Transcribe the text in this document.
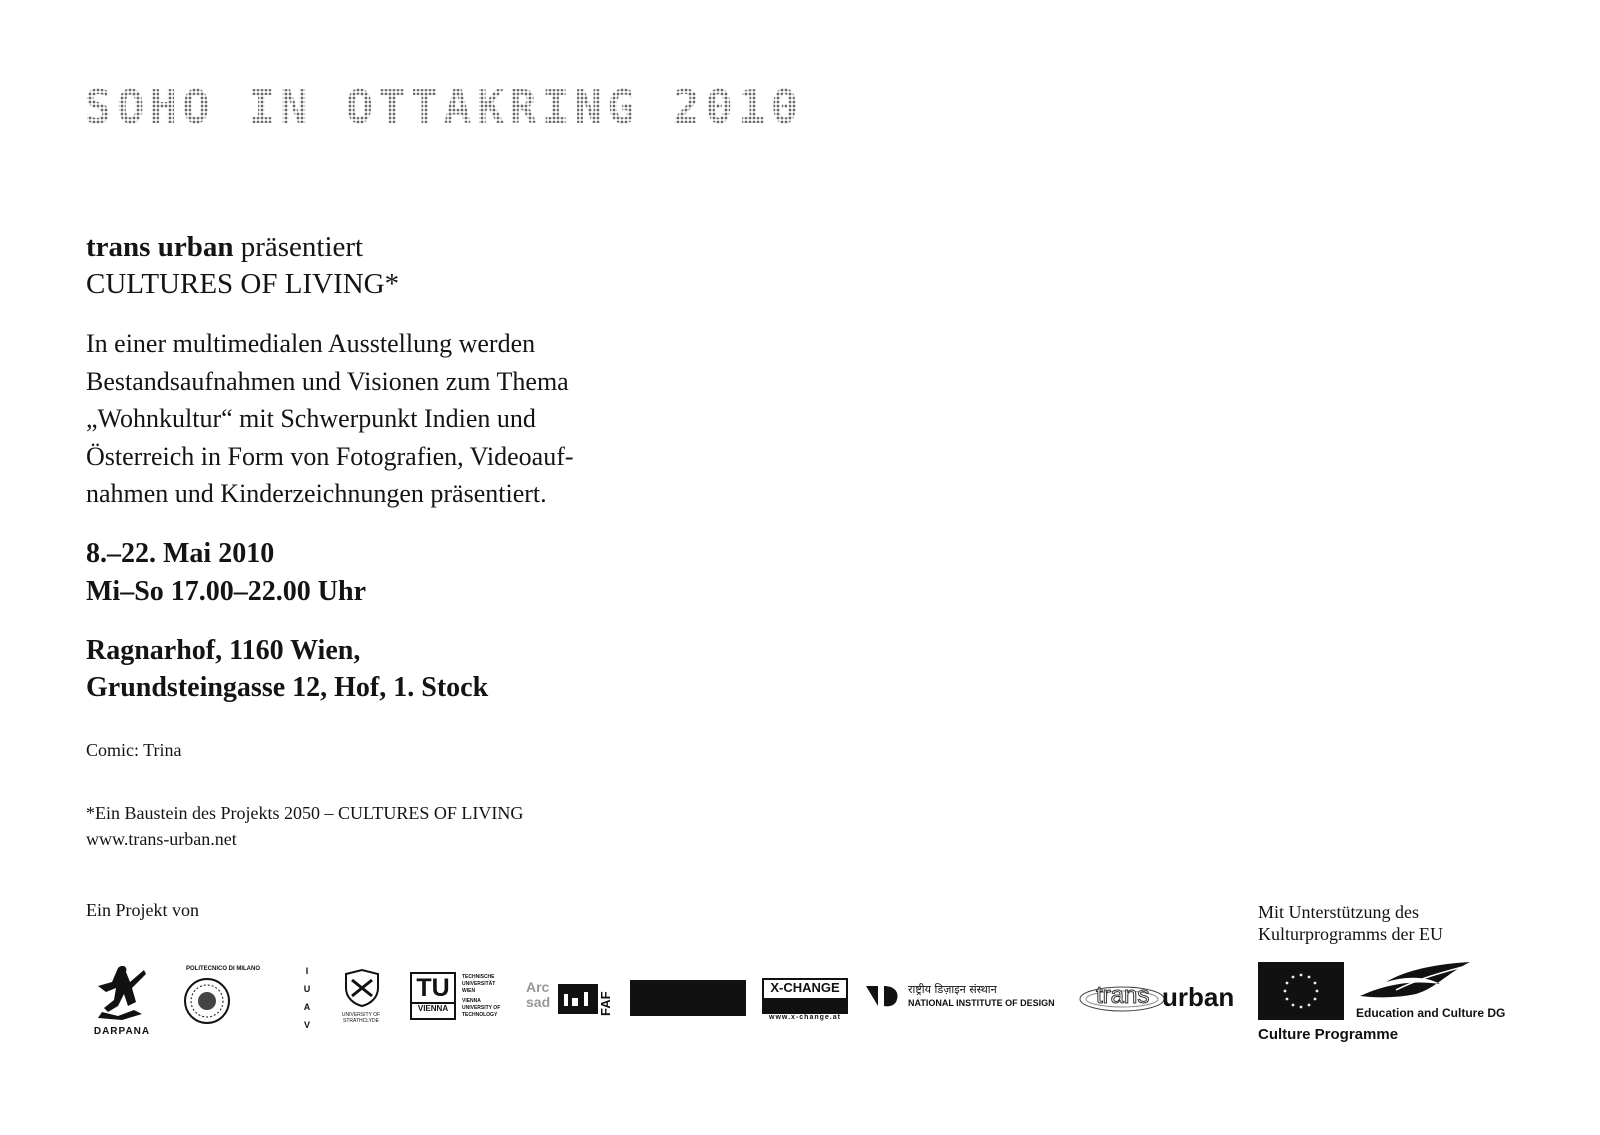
SOHO IN OTTAKRING 2010
trans urban präsentiert
CULTURES OF LIVING*
In einer multimedialen Ausstellung werden
Bestandsaufnahmen und Visionen zum Thema
„Wohnkultur“ mit Schwerpunkt Indien und
Österreich in Form von Fotografien, Videoauf-
nahmen und Kinderzeichnungen präsentiert.
8.–22. Mai 2010
Mi–So 17.00–22.00 Uhr
Ragnarhof, 1160 Wien,
Grundsteingasse 12, Hof, 1. Stock
Comic: Trina
*Ein Baustein des Projekts 2050 – CULTURES OF LIVING
www.trans-urban.net
Ein Projekt von	Mit Unterstützung des
Kulturprogramms der EU
DARPANA
POLITECNICO DI MILANO	I
U
A
V
UNIVERSITY OF STRATHCLYDE
TU
VIENNA
TECHNISCHE UNIVERSITÄT WIEN
VIENNA UNIVERSITY OF TECHNOLOGY
Arc sad	FAF
X-CHANGE
www.x-change.at
राष्ट्रीय डिज़ाइन संस्थान
NATIONAL INSTITUTE OF DESIGN trans urban
Culture Programme
Education and Culture DG
